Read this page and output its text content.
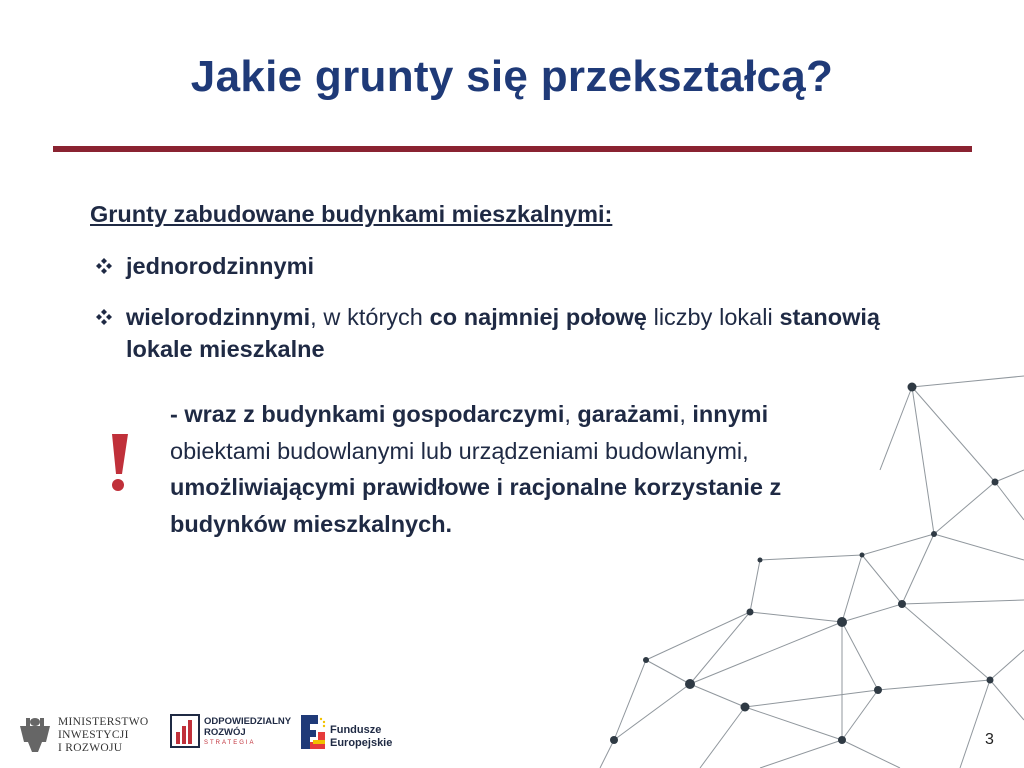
Jakie grunty się przekształcą?
Grunty zabudowane budynkami mieszkalnymi:
jednorodzinnymi
wielorodzinnymi, w których co najmniej połowę liczby lokali stanowią lokale mieszkalne
- wraz z budynkami gospodarczymi, garażami, innymi obiektami budowlanymi lub urządzeniami budowlanymi, umożliwiającymi prawidłowe i racjonalne korzystanie z budynków mieszkalnych.
MINISTERSTWO
INWESTYCJI
I ROZWOJU
ODPOWIEDZIALNY
ROZWÓJ
STRATEGIA
Fundusze
Europejskie	3
